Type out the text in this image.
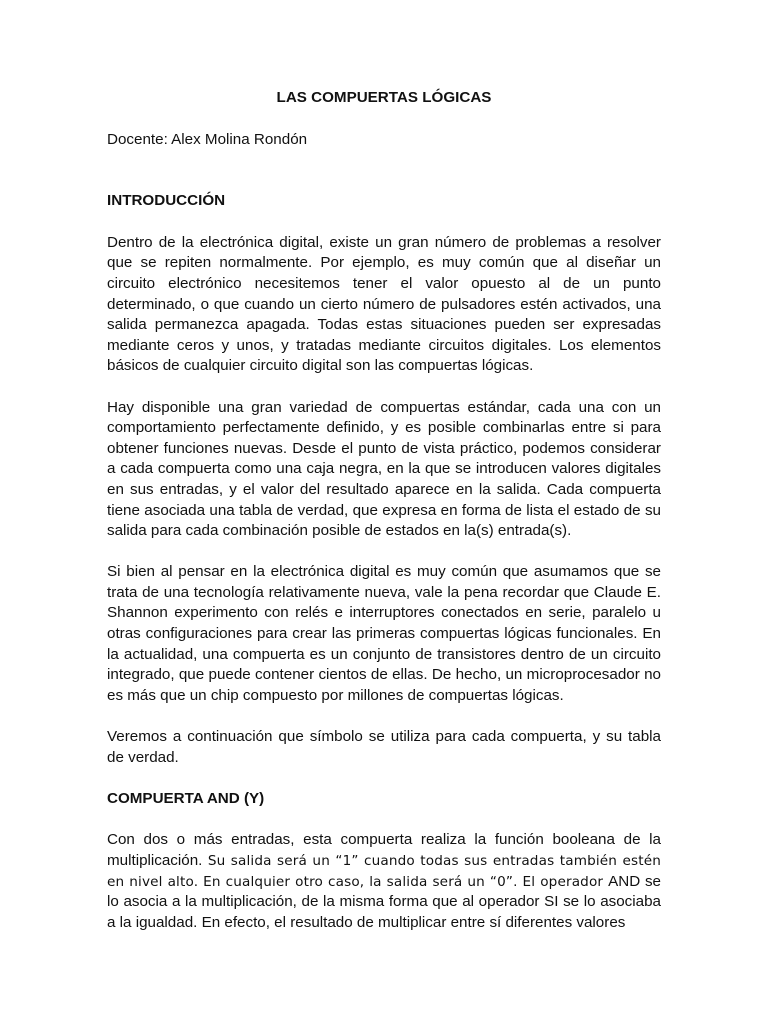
LAS COMPUERTAS LÓGICAS
Docente: Alex Molina Rondón
INTRODUCCIÓN

Dentro de la electrónica digital, existe un gran número de problemas a resolver que se repiten normalmente. Por ejemplo, es muy común que al diseñar un circuito electrónico necesitemos tener el valor opuesto al de un punto determinado, o que cuando un cierto número de pulsadores estén activados, una salida permanezca apagada. Todas estas situaciones pueden ser expresadas mediante ceros y unos, y tratadas mediante circuitos digitales. Los elementos básicos de cualquier circuito digital son las compuertas lógicas.

Hay disponible una gran variedad de compuertas estándar, cada una con un comportamiento perfectamente definido, y es posible combinarlas entre si para obtener funciones nuevas. Desde el punto de vista práctico, podemos considerar a cada compuerta como una caja negra, en la que se introducen valores digitales en sus entradas, y el valor del resultado aparece en la salida. Cada compuerta tiene asociada una tabla de verdad, que expresa en forma de lista el estado de su salida para cada combinación posible de estados en la(s) entrada(s).

Si bien al pensar en la electrónica digital es muy común que asumamos que se trata de una tecnología relativamente nueva, vale la pena recordar que Claude E. Shannon experimento con relés e interruptores conectados en serie, paralelo u otras configuraciones para crear las primeras compuertas lógicas funcionales. En la actualidad, una compuerta es un conjunto de transistores dentro de un circuito integrado, que puede contener cientos de ellas. De hecho, un microprocesador no es más que un chip compuesto por millones de compuertas lógicas.

Veremos a continuación que símbolo se utiliza para cada compuerta, y su tabla de verdad.

COMPUERTA AND (Y)

Con dos o más entradas, esta compuerta realiza la función booleana de la multiplicación. Su salida será un “1” cuando todas sus entradas también estén en nivel alto. En cualquier otro caso, la salida será un “0”. El operador AND se lo asocia a la multiplicación, de la misma forma que al operador SI se lo asociaba a la igualdad. En efecto, el resultado de multiplicar entre sí diferentes valores
